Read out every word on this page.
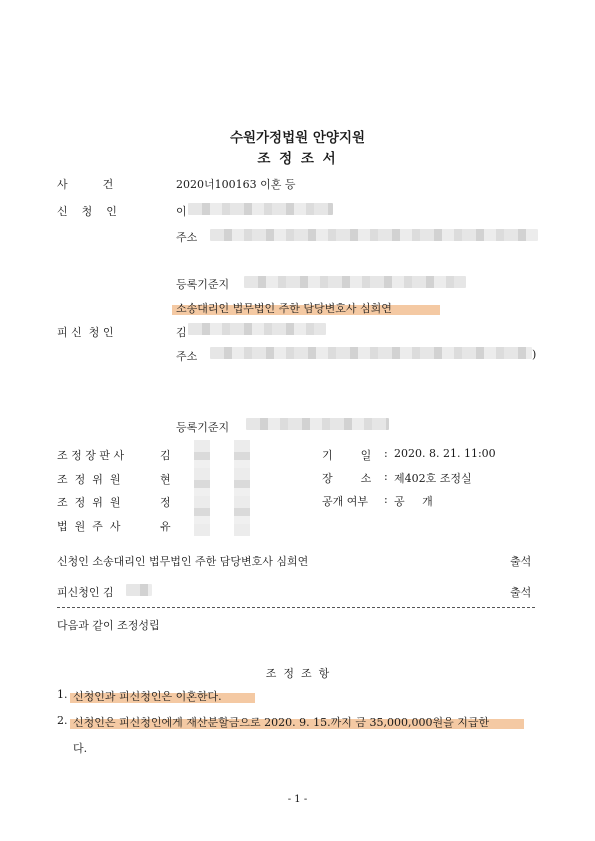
수원가정법원 안양지원
조 정 조 서
사          건	2020너100163 이혼 등
신    청    인	이
주소
등록기준지
소송대리인 법무법인 주한 담당변호사 심희연
피 신  청 인	김
주소	)
등록기준지
조 정 장 판 사	김
조  정  위  원	현
조  정  위  원	정
법  원  주  사	유
기        일 : 2020. 8. 21. 11:00
장        소 : 제402호 조정실
공개 여부 : 공     개
신청인 소송대리인 법무법인 주한 담당변호사 심희연	출석
피신청인 김	출석
다음과 같이 조정성립
조  정  조  항
1. 신청인과 피신청인은 이혼한다.
2. 신청인은 피신청인에게 재산분할금으로 2020. 9. 15.까지 금 35,000,000원을 지급한
다.
- 1 -
